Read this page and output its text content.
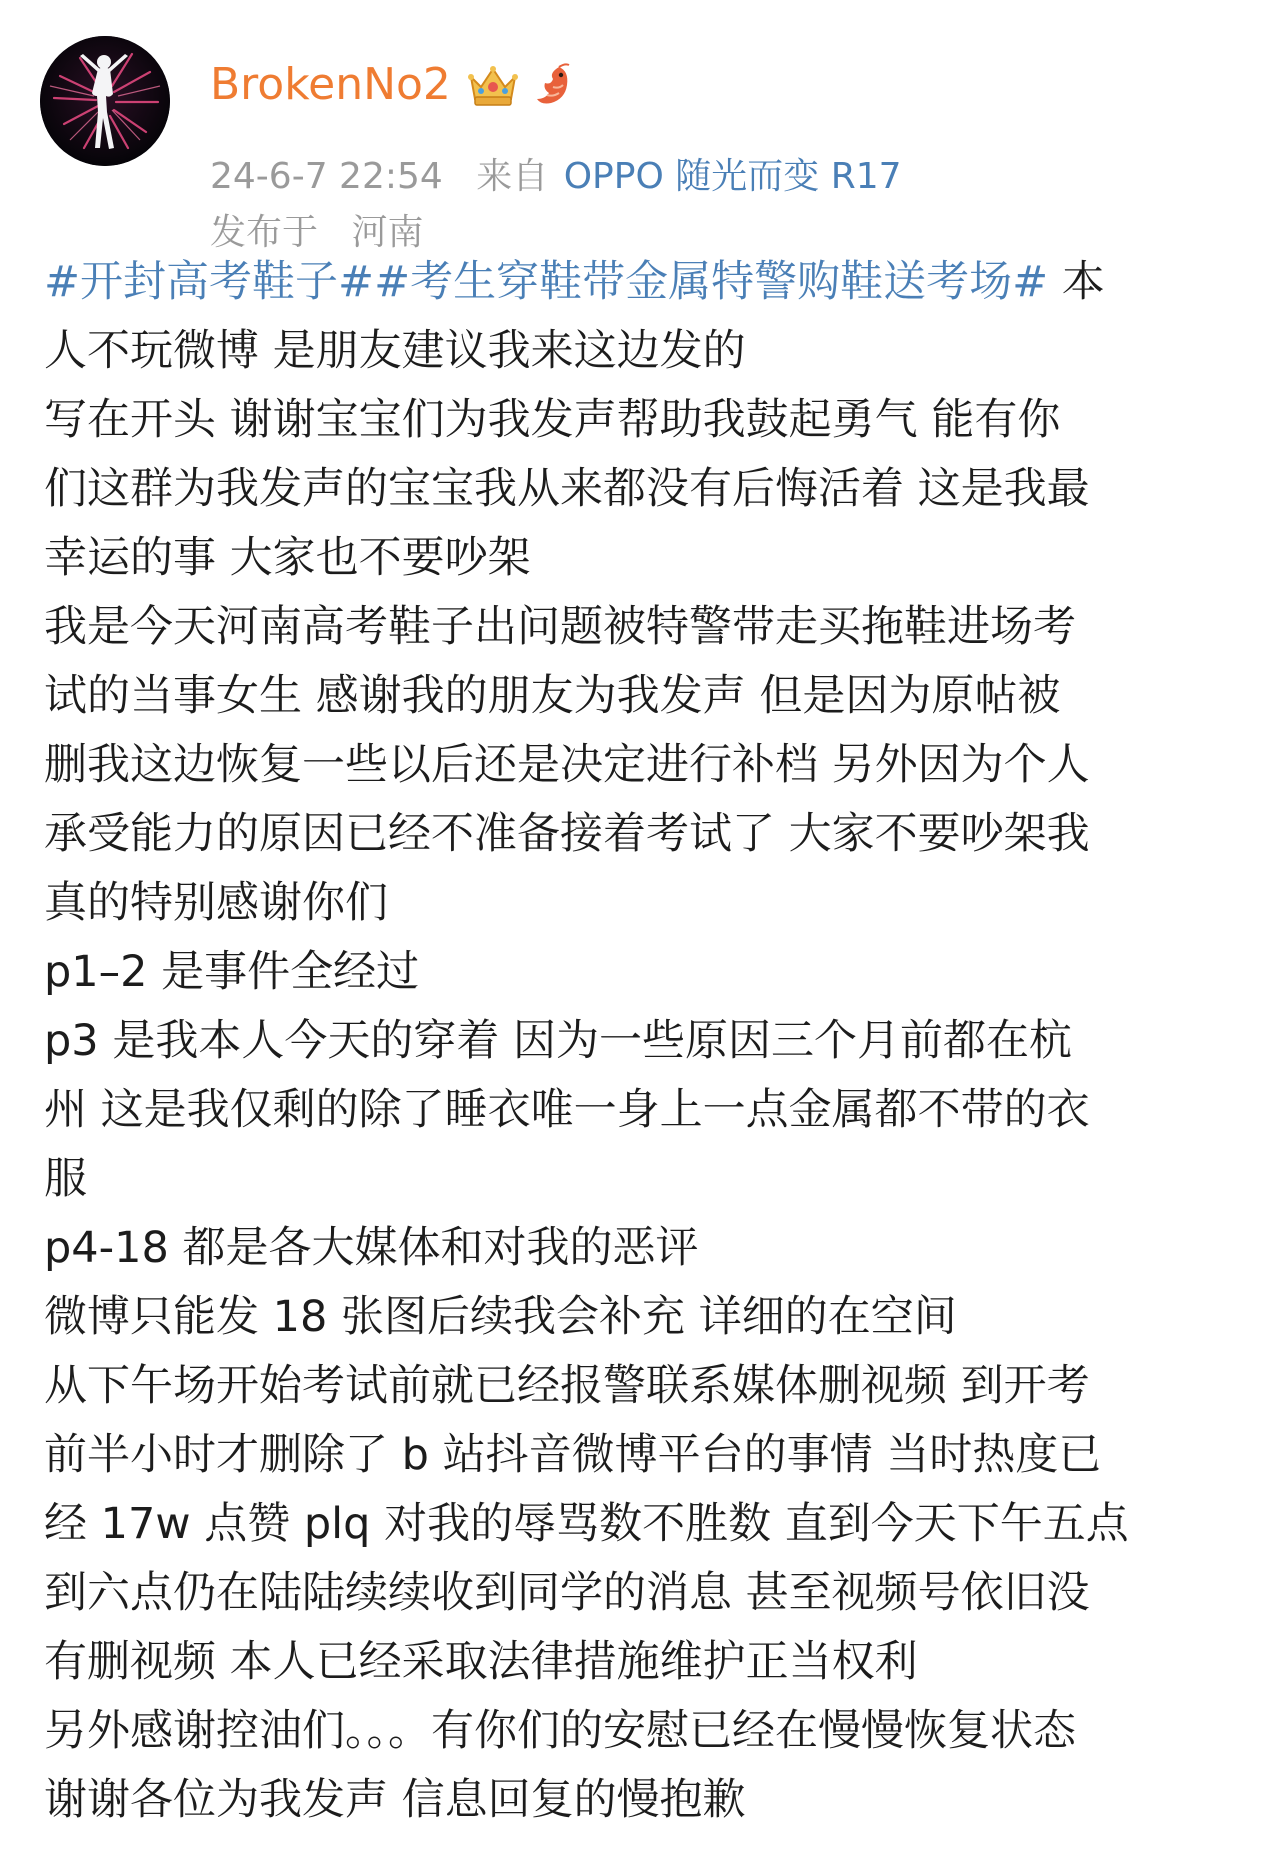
BrokenNo2
24-6-7 22:54 来自 OPPO 随光而变 R17
发布于 河南
#开封高考鞋子##考生穿鞋带金属特警购鞋送考场# 本
人不玩微博 是朋友建议我来这边发的
写在开头 谢谢宝宝们为我发声帮助我鼓起勇气 能有你
们这群为我发声的宝宝我从来都没有后悔活着 这是我最
幸运的事 大家也不要吵架
我是今天河南高考鞋子出问题被特警带走买拖鞋进场考
试的当事女生 感谢我的朋友为我发声 但是因为原帖被
删我这边恢复一些以后还是决定进行补档 另外因为个人
承受能力的原因已经不准备接着考试了 大家不要吵架我
真的特别感谢你们
p1–2 是事件全经过
p3 是我本人今天的穿着 因为一些原因三个月前都在杭
州 这是我仅剩的除了睡衣唯一身上一点金属都不带的衣
服
p4-18 都是各大媒体和对我的恶评
微博只能发 18 张图后续我会补充 详细的在空间
从下午场开始考试前就已经报警联系媒体删视频 到开考
前半小时才删除了 b 站抖音微博平台的事情 当时热度已
经 17w 点赞 plq 对我的辱骂数不胜数 直到今天下午五点
到六点仍在陆陆续续收到同学的消息 甚至视频号依旧没
有删视频 本人已经采取法律措施维护正当权利
另外感谢控油们。。。有你们的安慰已经在慢慢恢复状态
谢谢各位为我发声 信息回复的慢抱歉
